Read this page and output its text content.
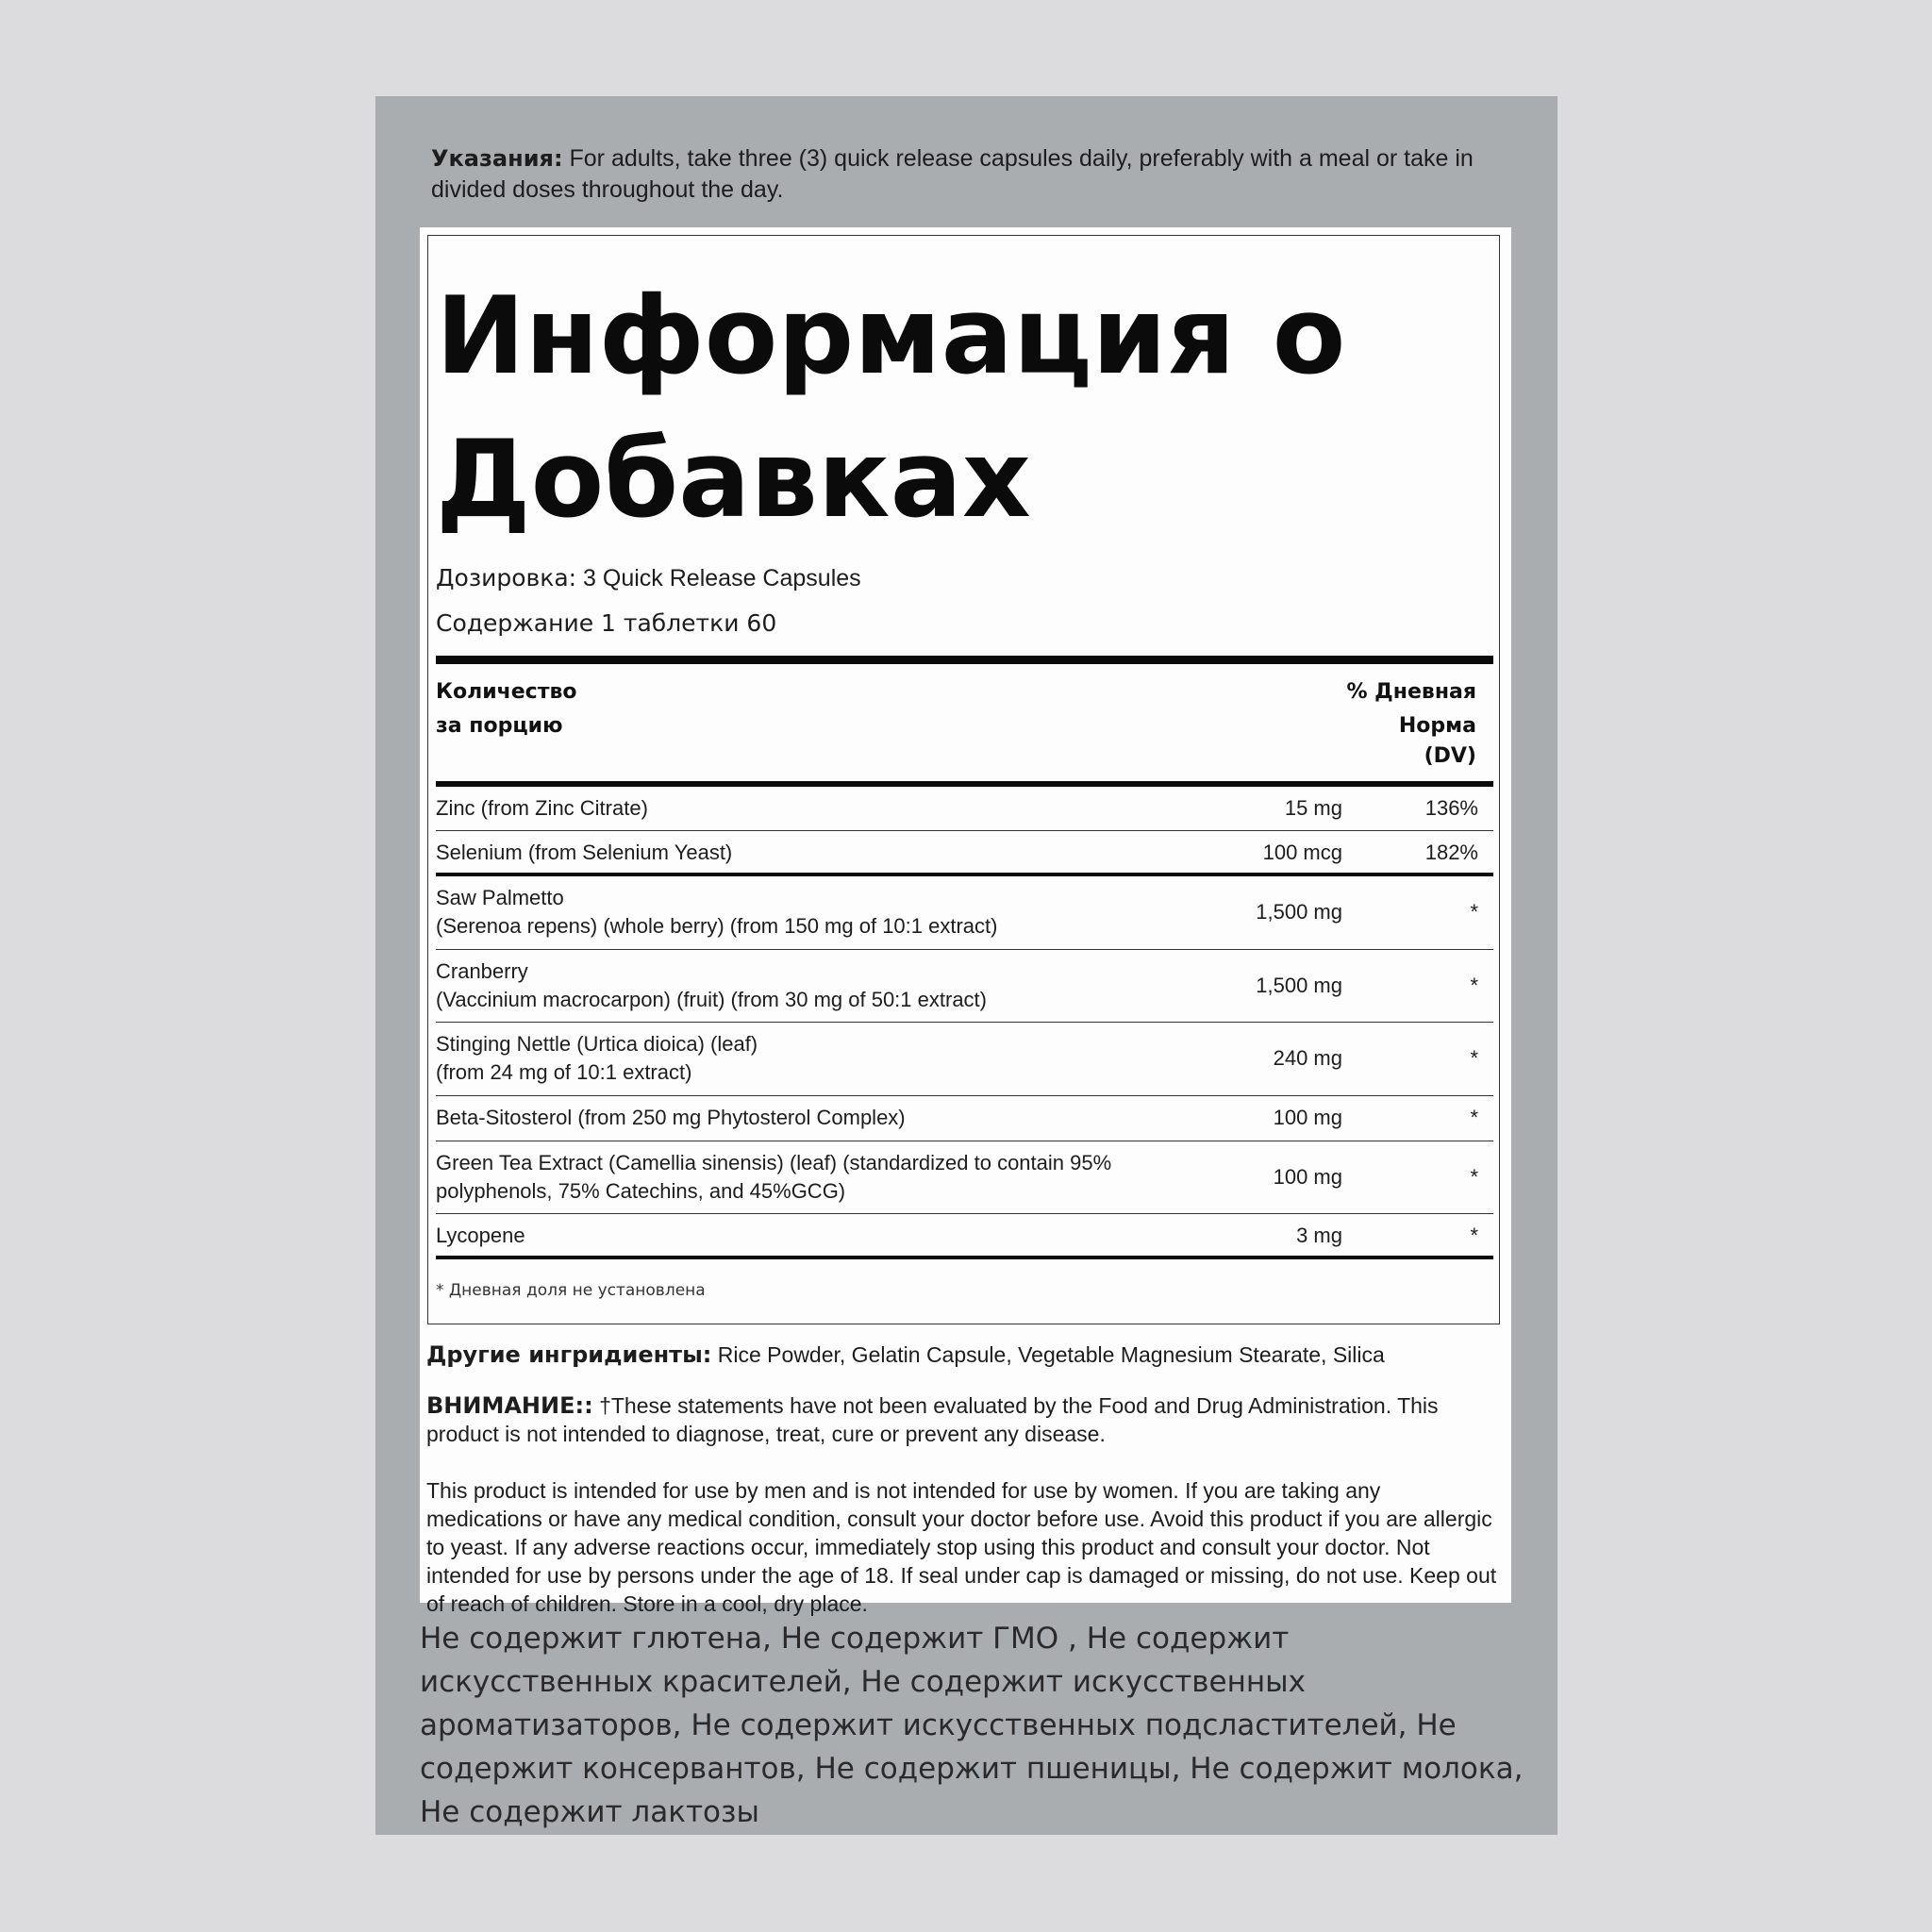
Указания: For adults, take three (3) quick release capsules daily, preferably with a meal or take in divided doses throughout the day.
Информация о Добавках
Дозировка: 3 Quick Release Capsules
Содержание 1 таблетки 60
Количество
за порцию
% Дневная
Норма
(DV)
Zinc (from Zinc Citrate)	15 mg	136%
Selenium (from Selenium Yeast)	100 mcg	182%
Saw Palmetto
(Serenoa repens) (whole berry) (from 150 mg of 10:1 extract)
1,500 mg	*
Cranberry
(Vaccinium macrocarpon) (fruit) (from 30 mg of 50:1 extract)
1,500 mg	*
Stinging Nettle (Urtica dioica) (leaf)
(from 24 mg of 10:1 extract)
240 mg	*
Beta-Sitosterol (from 250 mg Phytosterol Complex)	100 mg	*
Green Tea Extract (Camellia sinensis) (leaf) (standardized to contain 95%
polyphenols, 75% Catechins, and 45%GCG)
100 mg	*
Lycopene	3 mg	*
* Дневная доля не установлена
Другие ингридиенты: Rice Powder, Gelatin Capsule, Vegetable Magnesium Stearate, Silica
ВНИМАНИЕ:: †These statements have not been evaluated by the Food and Drug Administration. This product is not intended to diagnose, treat, cure or prevent any disease.
This product is intended for use by men and is not intended for use by women. If you are taking any medications or have any medical condition, consult your doctor before use. Avoid this product if you are allergic to yeast. If any adverse reactions occur, immediately stop using this product and consult your doctor. Not intended for use by persons under the age of 18. If seal under cap is damaged or missing, do not use. Keep out of reach of children. Store in a cool, dry place.
Не содержит глютена, Не содержит ГМО , Не содержит искусственных красителей, Не содержит искусственных ароматизаторов, Не содержит искусственных подсластителей, Не содержит консервантов, Не содержит пшеницы, Не содержит молока, Не содержит лактозы
